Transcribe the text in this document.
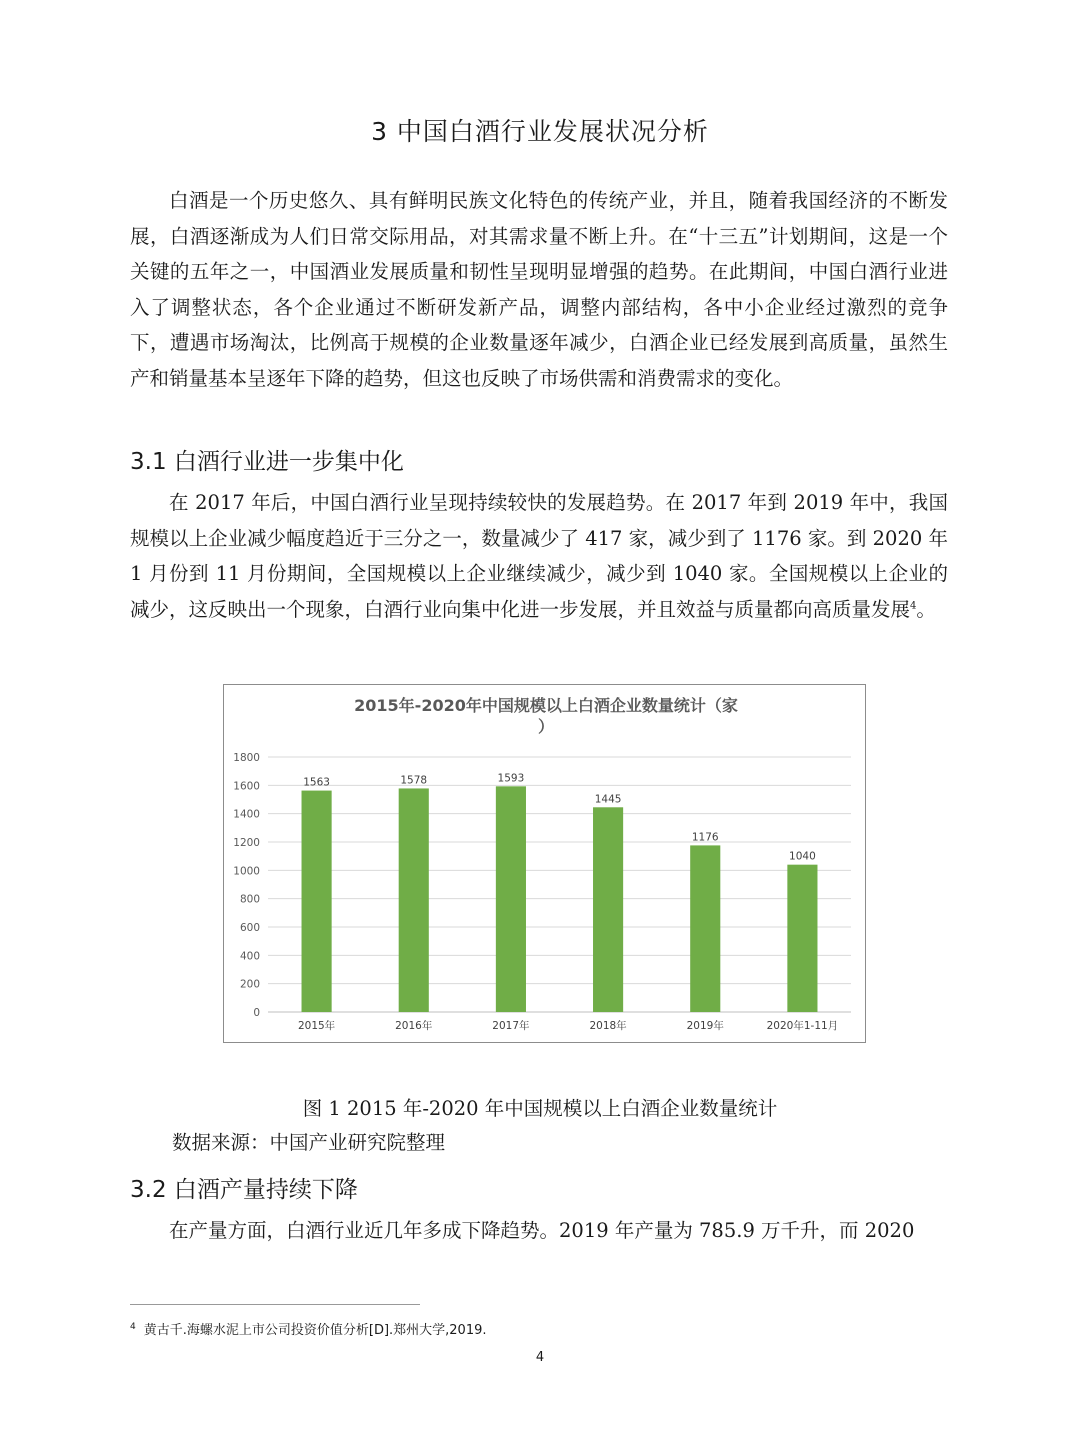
3 中国白酒行业发展状况分析

白酒是一个历史悠久、具有鲜明民族文化特色的传统产业，并且，随着我国经济的不断发展，白酒逐渐成为人们日常交际用品，对其需求量不断上升。在“十三五”计划期间，这是一个关键的五年之一，中国酒业发展质量和韧性呈现明显增强的趋势。在此期间，中国白酒行业进入了调整状态，各个企业通过不断研发新产品，调整内部结构，各中小企业经过激烈的竞争下，遭遇市场淘汰，比例高于规模的企业数量逐年减少，白酒企业已经发展到高质量，虽然生产和销量基本呈逐年下降的趋势，但这也反映了市场供需和消费需求的变化。

3.1 白酒行业进一步集中化

在 2017 年后，中国白酒行业呈现持续较快的发展趋势。在 2017 年到 2019 年中，我国规模以上企业减少幅度趋近于三分之一，数量减少了 417 家，减少到了 1176 家。到 2020 年 1 月份到 11 月份期间，全国规模以上企业继续减少，减少到 1040 家。全国规模以上企业的减少，这反映出一个现象，白酒行业向集中化进一步发展，并且效益与质量都向高质量发展$^4$。

2015年-2020年中国规模以上白酒企业数量统计（家
）
0
200
400
600
800
1000
1200
1400
1600
1800
1563
2015年
1578
2016年
1593
2017年
1445
2018年
1176
2019年
1040
2020年1-11月
图 1 2015 年-2020 年中国规模以上白酒企业数量统计
数据来源：中国产业研究院整理
3.2 白酒产量持续下降

在产量方面，白酒行业近几年多成下降趋势。2019 年产量为 785.9 万千升，而 2020

$^4$ 黄古千.海螺水泥上市公司投资价值分析[D].郑州大学,2019.
4
